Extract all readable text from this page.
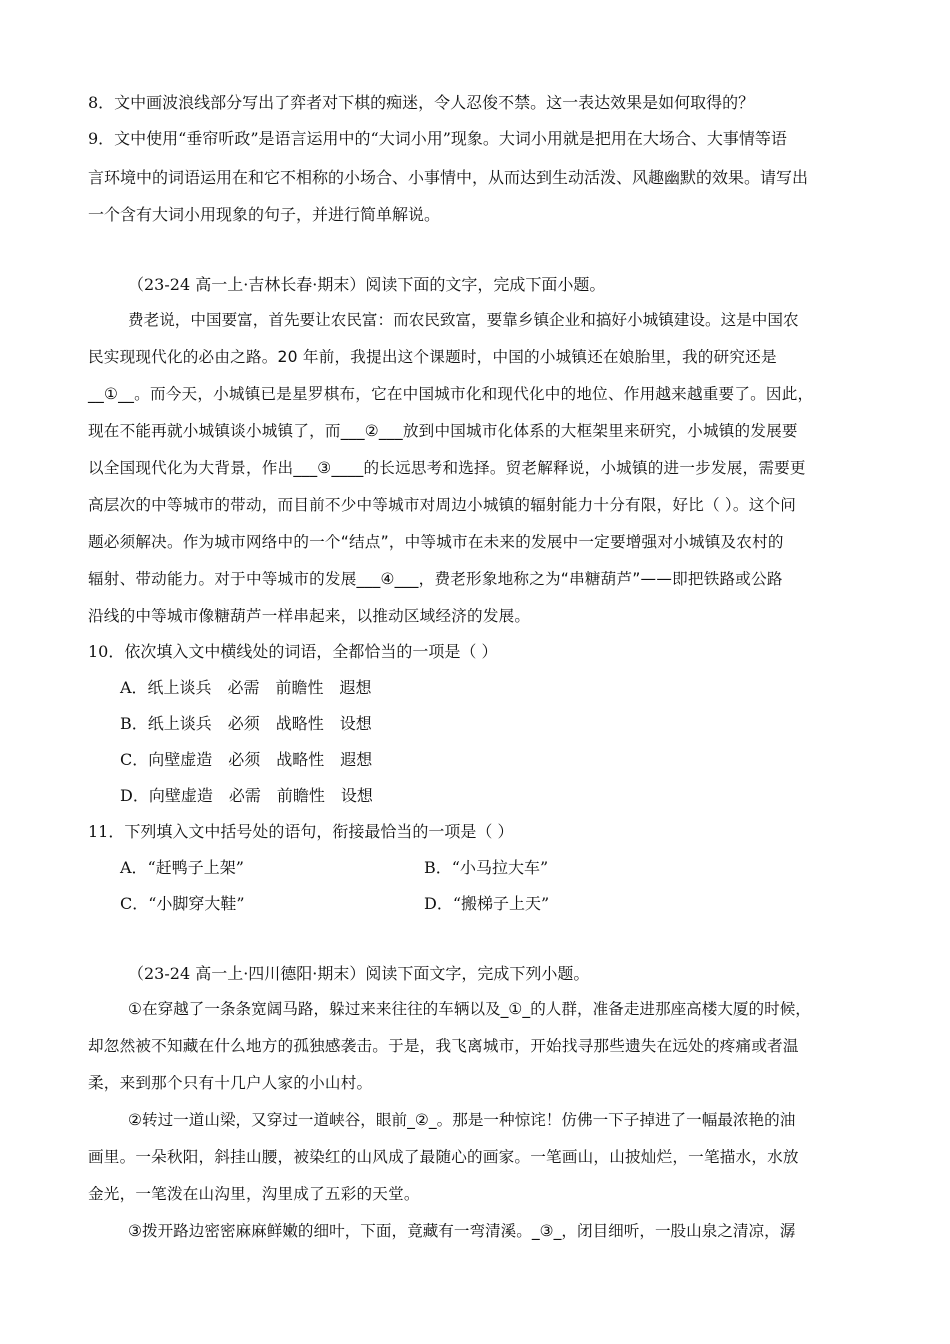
8．文中画波浪线部分写出了弈者对下棋的痴迷，令人忍俊不禁。这一表达效果是如何取得的？
9．文中使用“垂帘听政”是语言运用中的“大词小用”现象。大词小用就是把用在大场合、大事情等语
言环境中的词语运用在和它不相称的小场合、小事情中，从而达到生动活泼、风趣幽默的效果。请写出
一个含有大词小用现象的句子，并进行简单解说。
（23-24 高一上·吉林长春·期末）阅读下面的文字，完成下面小题。
费老说，中国要富，首先要让农民富：而农民致富，要靠乡镇企业和搞好小城镇建设。这是中国农
民实现现代化的必由之路。20 年前，我提出这个课题时，中国的小城镇还在娘胎里，我的研究还是
__①__。而今天，小城镇已是星罗棋布，它在中国城市化和现代化中的地位、作用越来越重要了。因此，
现在不能再就小城镇谈小城镇了，而___②___放到中国城市化体系的大框架里来研究，小城镇的发展要
以全国现代化为大背景，作出___③____的长远思考和选择。贸老解释说，小城镇的进一步发展，需要更
高层次的中等城市的带动，而目前不少中等城市对周边小城镇的辐射能力十分有限，好比（ ）。这个问
题必须解决。作为城市网络中的一个“结点”，中等城市在未来的发展中一定要增强对小城镇及农村的
辐射、带动能力。对于中等城市的发展___④___，费老形象地称之为“串糖葫芦”——即把铁路或公路
沿线的中等城市像糖葫芦一样串起来，以推动区域经济的发展。
10．依次填入文中横线处的词语，全都恰当的一项是（ ）
A．纸上谈兵　必需　前瞻性　遐想
B．纸上谈兵　必须　战略性　设想
C．向壁虚造　必须　战略性　遐想
D．向壁虚造　必需　前瞻性　设想
11．下列填入文中括号处的语句，衔接最恰当的一项是（ ）
A．“赶鸭子上架”	B．“小马拉大车”
C．“小脚穿大鞋”	D．“搬梯子上天”
（23-24 高一上·四川德阳·期末）阅读下面文字，完成下列小题。
①在穿越了一条条宽阔马路，躲过来来往往的车辆以及_①_的人群，准备走进那座高楼大厦的时候，
却忽然被不知藏在什么地方的孤独感袭击。于是，我飞离城市，开始找寻那些遗失在远处的疼痛或者温
柔，来到那个只有十几户人家的小山村。
②转过一道山梁，又穿过一道峡谷，眼前_②_。那是一种惊诧！仿佛一下子掉进了一幅最浓艳的油
画里。一朵秋阳，斜挂山腰，被染红的山风成了最随心的画家。一笔画山，山披灿烂，一笔描水，水放
金光，一笔泼在山沟里，沟里成了五彩的天堂。
③拨开路边密密麻麻鲜嫩的细叶，下面，竟藏有一弯清溪。_③_，闭目细听，一股山泉之清凉，潺
